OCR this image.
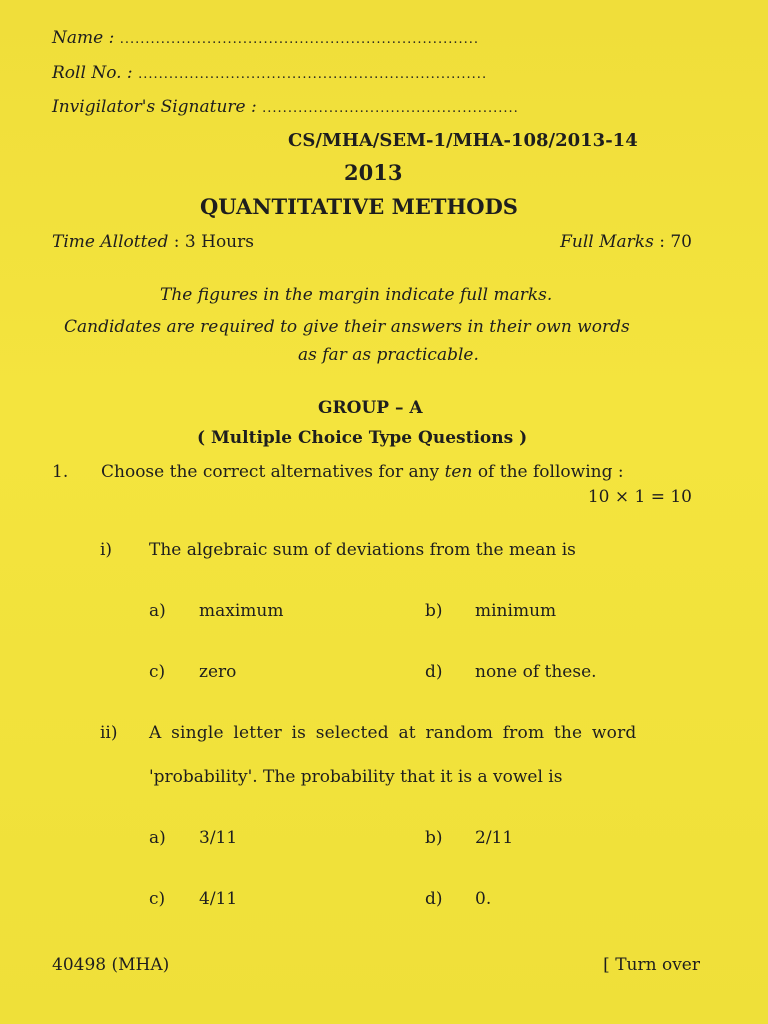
Name : ......................................................................
Roll No. : ....................................................................
Invigilator's Signature : ..................................................
CS/MHA/SEM-1/MHA-108/2013-14
2013
QUANTITATIVE METHODS
Time Allotted : 3 Hours	Full Marks : 70
The figures in the margin indicate full marks.
Candidates are required to give their answers in their own words
as far as practicable.
GROUP – A
( Multiple Choice Type Questions )
1. Choose the correct alternatives for any ten of the following :
10 × 1 = 10
i) The algebraic sum of deviations from the mean is
a) maximum	b) minimum
c) zero	d) none of these.
ii) A single letter is selected at random from the word
'probability'. The probability that it is a vowel is
a) 3/11	b) 2/11
c) 4/11	d) 0.
40498 (MHA)	[ Turn over
